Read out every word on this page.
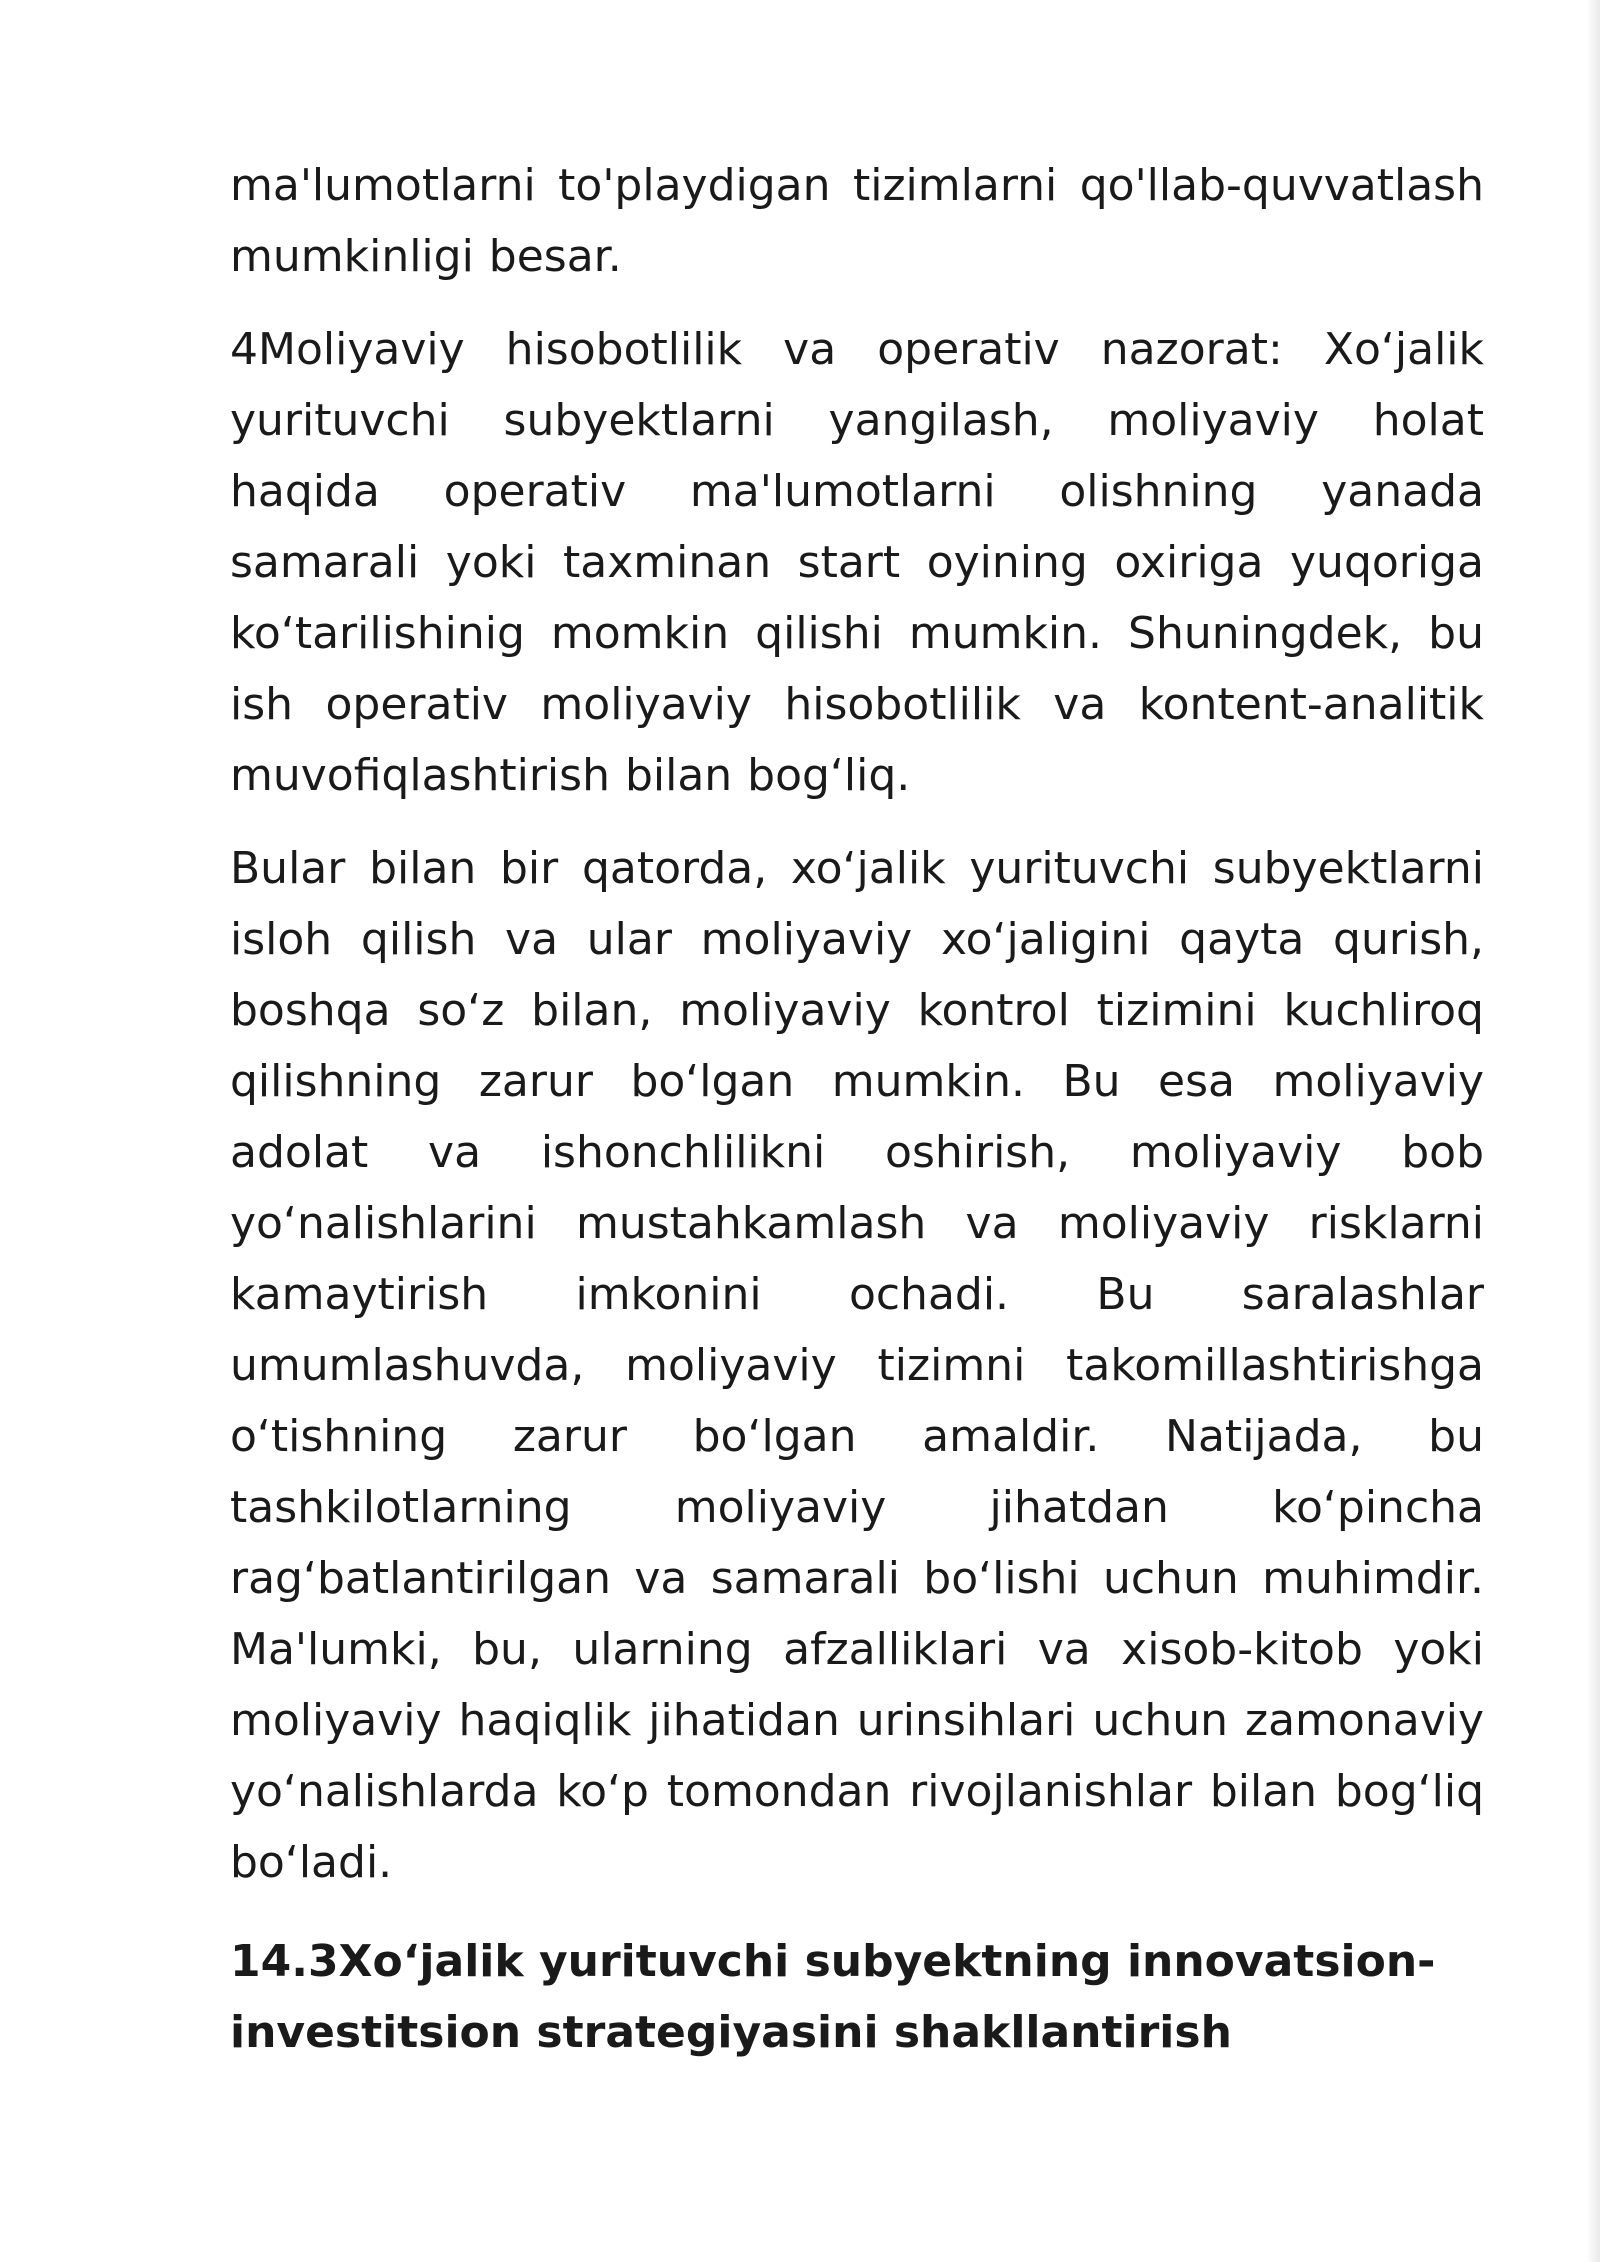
ma'lumotlarni to'playdigan tizimlarni qo'llab-quvvatlash mumkinligi besar.

4Moliyaviy hisobotlilik va operativ nazorat: Xo‘jalik yurituvchi subyektlarni yangilash, moliyaviy holat haqida operativ ma'lumotlarni olishning yanada samarali yoki taxminan start oyining oxiriga yuqoriga ko‘tarilishinig momkin qilishi mumkin. Shuningdek, bu ish operativ moliyaviy hisobotlilik va kontent-analitik muvofiqlashtirish bilan bog‘liq.

Bular bilan bir qatorda, xo‘jalik yurituvchi subyektlarni isloh qilish va ular moliyaviy xo‘jaligini qayta qurish, boshqa so‘z bilan, moliyaviy kontrol tizimini kuchliroq qilishning zarur bo‘lgan mumkin. Bu esa moliyaviy adolat va ishonchlilikni oshirish, moliyaviy bob yo‘nalishlarini mustahkamlash va moliyaviy risklarni kamaytirish imkonini ochadi. Bu saralashlar umumlashuvda, moliyaviy tizimni takomillashtirishga o‘tishning zarur bo‘lgan amaldir. Natijada, bu tashkilotlarning moliyaviy jihatdan ko‘pincha rag‘batlantirilgan va samarali bo‘lishi uchun muhimdir. Ma'lumki, bu, ularning afzalliklari va xisob-kitob yoki moliyaviy haqiqlik jihatidan urinsihlari uchun zamonaviy yo‘nalishlarda ko‘p tomondan rivojlanishlar bilan bog‘liq bo‘ladi.

14.3Xo‘jalik yurituvchi subyektning innovatsion-investitsion strategiyasini shakllantirish
